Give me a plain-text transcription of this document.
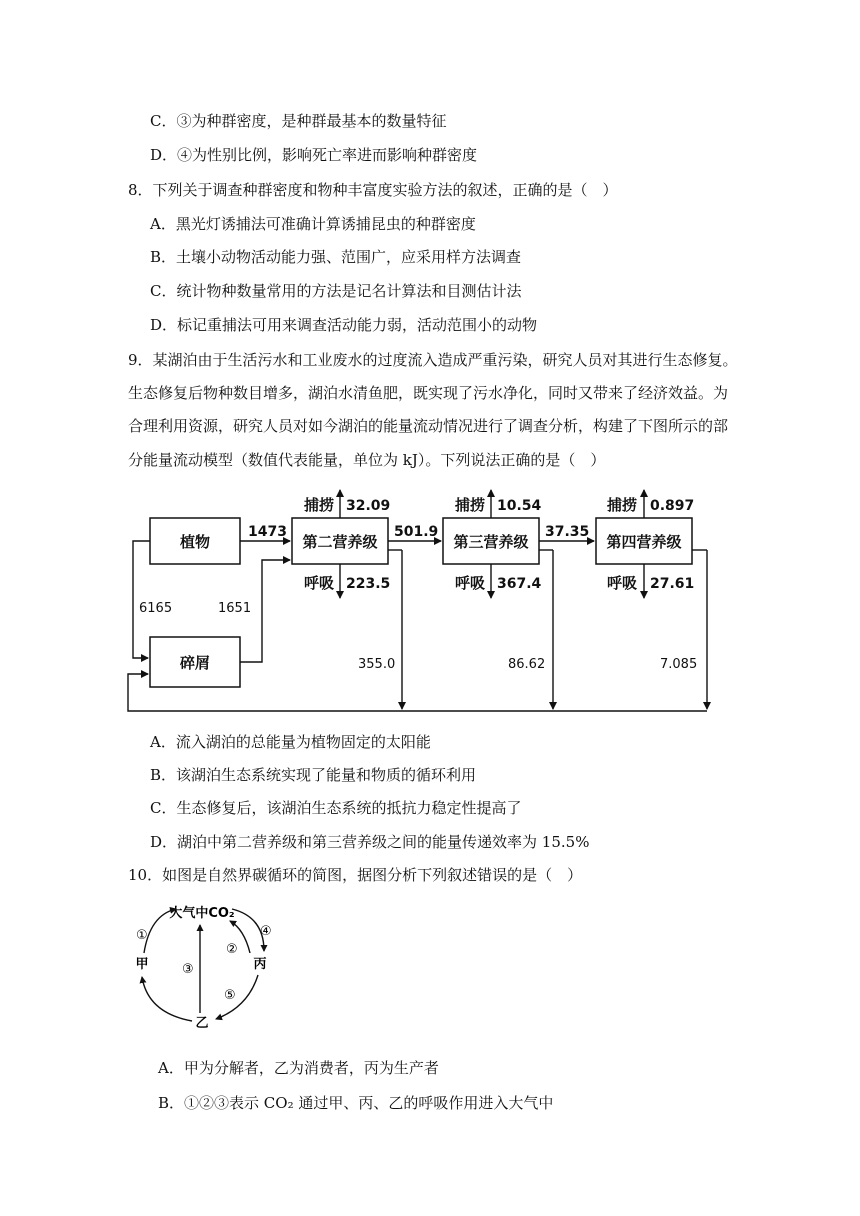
C．③为种群密度，是种群最基本的数量特征
D．④为性别比例，影响死亡率进而影响种群密度
8．下列关于调查种群密度和物种丰富度实验方法的叙述，正确的是（　）
A．黑光灯诱捕法可准确计算诱捕昆虫的种群密度
B．土壤小动物活动能力强、范围广，应采用样方法调查
C．统计物种数量常用的方法是记名计算法和目测估计法
D．标记重捕法可用来调查活动能力弱，活动范围小的动物
9．某湖泊由于生活污水和工业废水的过度流入造成严重污染，研究人员对其进行生态修复。
生态修复后物种数目增多，湖泊水清鱼肥，既实现了污水净化，同时又带来了经济效益。为
合理利用资源，研究人员对如今湖泊的能量流动情况进行了调查分析，构建了下图所示的部
分能量流动模型（数值代表能量，单位为 kJ）。下列说法正确的是（　）
植物
碎屑
第二营养级	第三营养级	第四营养级
1473	501.9	37.35
捕捞 32.09	捕捞 10.54	捕捞 0.897
呼吸 223.5	呼吸 367.4	呼吸 27.61
6165	1651
355.0	86.62	7.085
A．流入湖泊的总能量为植物固定的太阳能
B．该湖泊生态系统实现了能量和物质的循环利用
C．生态修复后，该湖泊生态系统的抵抗力稳定性提高了
D．湖泊中第二营养级和第三营养级之间的能量传递效率为 15.5%
10．如图是自然界碳循环的简图，据图分析下列叙述错误的是（　）
大气中CO₂
甲
乙
丙
①
③
②
④
⑤
A．甲为分解者，乙为消费者，丙为生产者
B．①②③表示 CO₂ 通过甲、丙、乙的呼吸作用进入大气中
